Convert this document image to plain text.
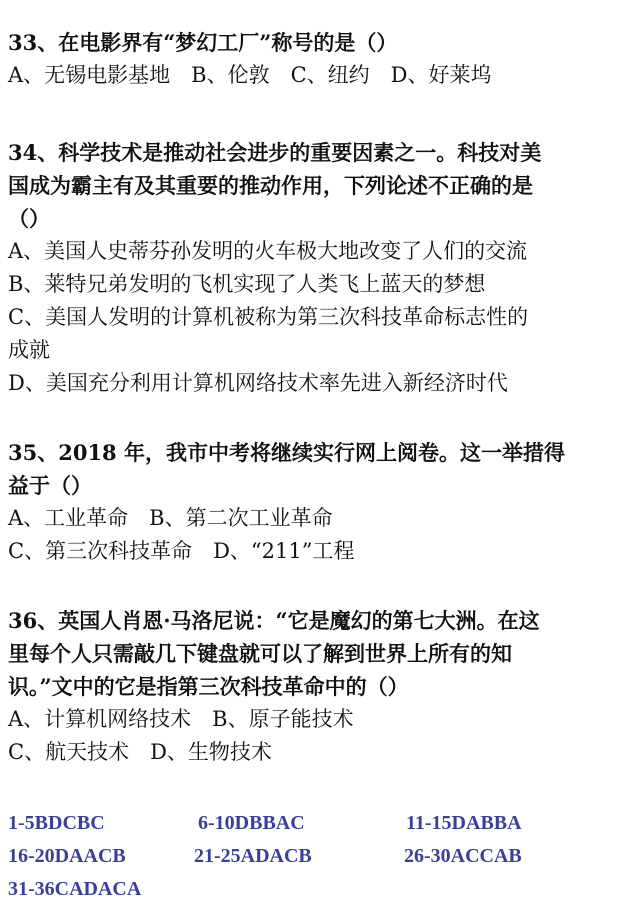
33、在电影界有“梦幻工厂”称号的是（）
A、无锡电影基地　B、伦敦　C、纽约　D、好莱坞
34、科学技术是推动社会进步的重要因素之一。科技对美
国成为霸主有及其重要的推动作用，下列论述不正确的是
（）
A、美国人史蒂芬孙发明的火车极大地改变了人们的交流
B、莱特兄弟发明的飞机实现了人类飞上蓝天的梦想
C、美国人发明的计算机被称为第三次科技革命标志性的
成就
D、美国充分利用计算机网络技术率先进入新经济时代
35、2018 年，我市中考将继续实行网上阅卷。这一举措得
益于（）
A、工业革命　B、第二次工业革命
C、第三次科技革命　D、“211”工程
36、英国人肖恩·马洛尼说：“它是魔幻的第七大洲。在这
里每个人只需敲几下键盘就可以了解到世界上所有的知
识。”文中的它是指第三次科技革命中的（）
A、计算机网络技术　B、原子能技术
C、航天技术　D、生物技术
1-5BDCBC	6-10DBBAC	11-15DABBA
16-20DAACB	21-25ADACB	26-30ACCAB
31-36CADACA
